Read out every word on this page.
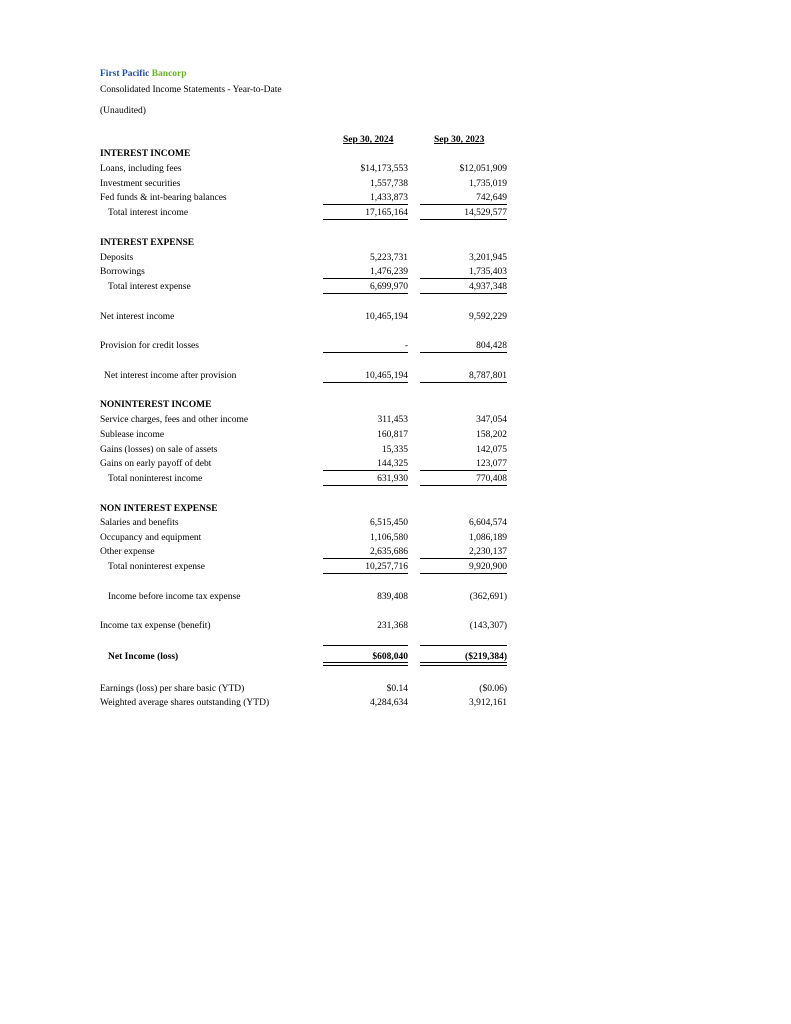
First Pacific Bancorp
Consolidated Income Statements - Year-to-Date
(Unaudited)
Sep 30, 2024	Sep 30, 2023
INTEREST INCOME
Loans, including fees	$14,173,553	$12,051,909
Investment securities	1,557,738	1,735,019
Fed funds & int-bearing balances	1,433,873	742,649
Total interest income	17,165,164	14,529,577
INTEREST EXPENSE
Deposits	5,223,731	3,201,945
Borrowings	1,476,239	1,735,403
Total interest expense	6,699,970	4,937,348
Net interest income	10,465,194	9,592,229
Provision for credit losses	-	804,428
Net interest income after provision	10,465,194	8,787,801
NONINTEREST INCOME
Service charges, fees and other income	311,453	347,054
Sublease income	160,817	158,202
Gains (losses) on sale of assets	15,335	142,075
Gains on early payoff of debt	144,325	123,077
Total noninterest income	631,930	770,408
NON INTEREST EXPENSE
Salaries and benefits	6,515,450	6,604,574
Occupancy and equipment	1,106,580	1,086,189
Other expense	2,635,686	2,230,137
Total noninterest expense	10,257,716	9,920,900
Income before income tax expense	839,408	(362,691)
Income tax expense (benefit)	231,368	(143,307)
Net Income (loss)	$608,040	($219,384)
Earnings (loss) per share basic (YTD)	$0.14	($0.06)
Weighted average shares outstanding (YTD)	4,284,634	3,912,161
